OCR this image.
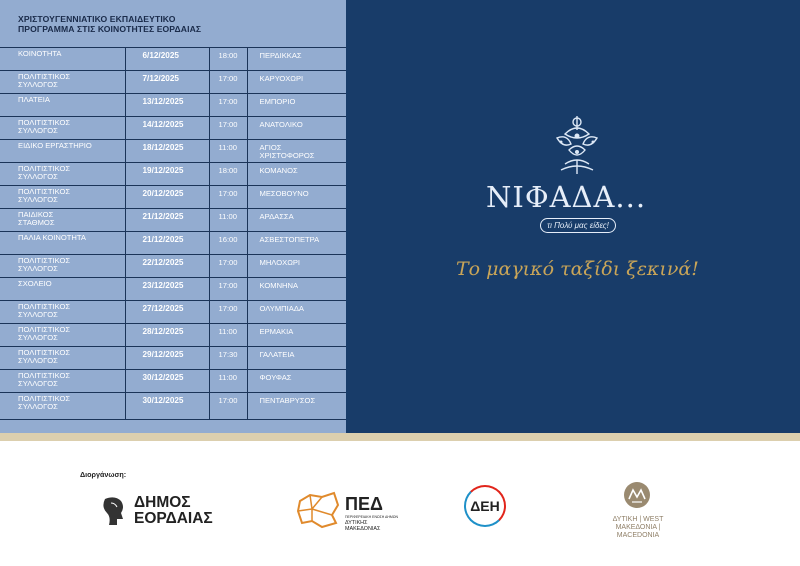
ΧΡΙΣΤΟΥΓΕΝΝΙΑΤΙΚΟ ΕΚΠΑΙΔΕΥΤΙΚΟ
ΠΡΟΓΡΑΜΜΑ ΣΤΙΣ ΚΟΙΝΟΤΗΤΕΣ ΕΟΡΔΑΙΑΣ
ΚΟΙΝΟΤΗΤΑ	6/12/2025	18:00	ΠΕΡΔΙΚΚΑΣ
ΠΟΛΙΤΙΣΤΙΚΟΣ
ΣΥΛΛΟΓΟΣ	7/12/2025	17:00	ΚΑΡΥΟΧΩΡΙ
ΠΛΑΤΕΙΑ	13/12/2025	17:00	ΕΜΠΟΡΙΟ
ΠΟΛΙΤΙΣΤΙΚΟΣ
ΣΥΛΛΟΓΟΣ	14/12/2025	17:00	ΑΝΑΤΟΛΙΚΟ
ΕΙΔΙΚΟ ΕΡΓΑΣΤΗΡΙΟ	18/12/2025	11:00	ΑΓΙΟΣ
ΧΡΙΣΤΟΦΟΡΟΣ
ΠΟΛΙΤΙΣΤΙΚΟΣ
ΣΥΛΛΟΓΟΣ	19/12/2025	18:00	ΚΟΜΑΝΟΣ
ΠΟΛΙΤΙΣΤΙΚΟΣ
ΣΥΛΛΟΓΟΣ	20/12/2025	17:00	ΜΕΣΟΒΟΥΝΟ
ΠΑΙΔΙΚΟΣ
ΣΤΑΘΜΟΣ	21/12/2025	11:00	ΑΡΔΑΣΣΑ
ΠΑΛΙΑ ΚΟΙΝΟΤΗΤΑ	21/12/2025	16:00	ΑΣΒΕΣΤΟΠΕΤΡΑ
ΠΟΛΙΤΙΣΤΙΚΟΣ
ΣΥΛΛΟΓΟΣ	22/12/2025	17:00	ΜΗΛΟΧΩΡΙ
ΣΧΟΛΕΙΟ	23/12/2025	17:00	ΚΟΜΝΗΝΑ
ΠΟΛΙΤΙΣΤΙΚΟΣ
ΣΥΛΛΟΓΟΣ	27/12/2025	17:00	ΟΛΥΜΠΙΑΔΑ
ΠΟΛΙΤΙΣΤΙΚΟΣ
ΣΥΛΛΟΓΟΣ	28/12/2025	11:00	ΕΡΜΑΚΙΑ
ΠΟΛΙΤΙΣΤΙΚΟΣ
ΣΥΛΛΟΓΟΣ	29/12/2025	17:30	ΓΑΛΑΤΕΙΑ
ΠΟΛΙΤΙΣΤΙΚΟΣ
ΣΥΛΛΟΓΟΣ	30/12/2025	11:00	ΦΟΥΦΑΣ
ΠΟΛΙΤΙΣΤΙΚΟΣ
ΣΥΛΛΟΓΟΣ	30/12/2025	17:00	ΠΕΝΤΑΒΡΥΣΟΣ
ΝΙΦΑΔΑ...
τι Πολύ μας είδες!
Το μαγικό ταξίδι ξεκινά!
Διοργάνωση:
ΔΗΜΟΣ
ΕΟΡΔΑΙΑΣ
ΠΕΔ
ΠΕΡΙΦΕΡΕΙΑΚΗ ΕΝΩΣΗ ΔΗΜΩΝ
ΔΥΤΙΚΗΣ
ΜΑΚΕΔΟΝΙΑΣ
ΔΕΗ
ΔΥΤΙΚΗ | WEST
ΜΑΚΕΔΟΝΙΑ | MACEDONIA
